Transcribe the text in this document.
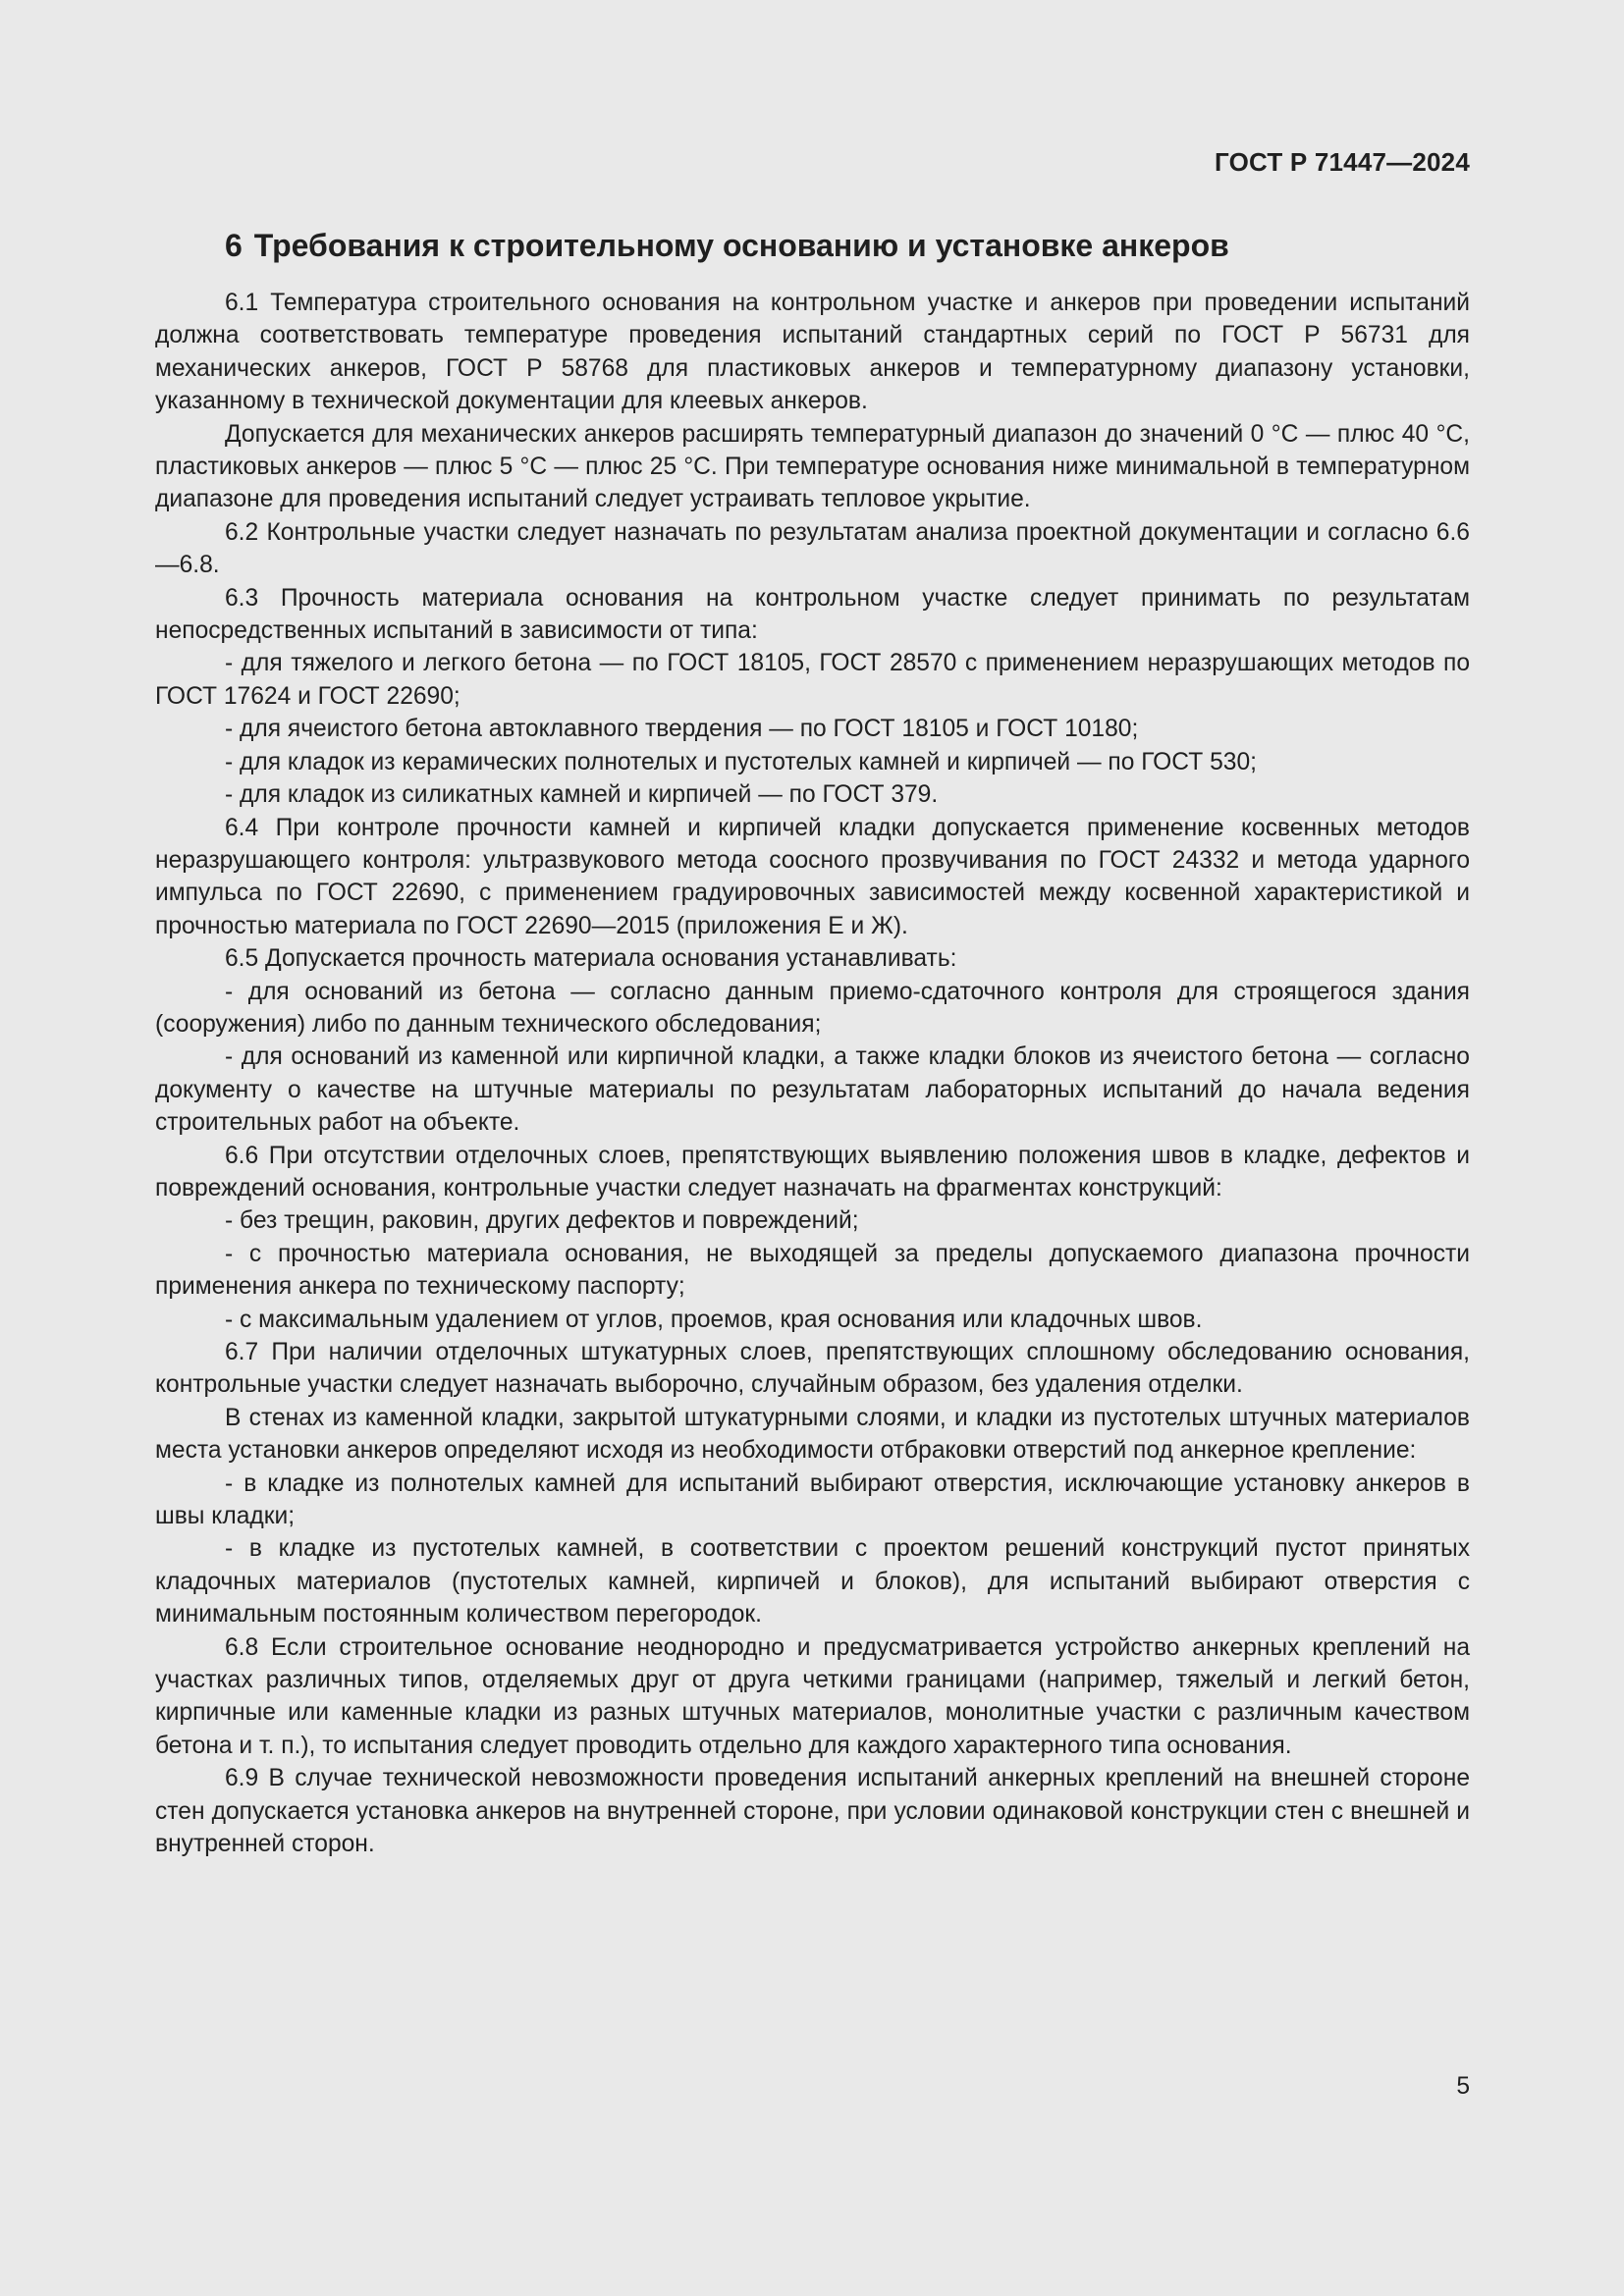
ГОСТ Р 71447—2024
6 Требования к строительному основанию и установке анкеров

6.1 Температура строительного основания на контрольном участке и анкеров при проведении испытаний должна соответствовать температуре проведения испытаний стандартных серий по ГОСТ Р 56731 для механических анкеров, ГОСТ Р 58768 для пластиковых анкеров и температурному диапазону установки, указанному в технической документации для клеевых анкеров.

Допускается для механических анкеров расширять температурный диапазон до значений 0 °С — плюс 40 °С, пластиковых анкеров — плюс 5 °С — плюс 25 °С. При температуре основания ниже минимальной в температурном диапазоне для проведения испытаний следует устраивать тепловое укрытие.

6.2 Контрольные участки следует назначать по результатам анализа проектной документации и согласно 6.6—6.8.

6.3 Прочность материала основания на контрольном участке следует принимать по результатам непосредственных испытаний в зависимости от типа:

- для тяжелого и легкого бетона — по ГОСТ 18105, ГОСТ 28570 с применением неразрушающих методов по ГОСТ 17624 и ГОСТ 22690;

- для ячеистого бетона автоклавного твердения — по ГОСТ 18105 и ГОСТ 10180;

- для кладок из керамических полнотелых и пустотелых камней и кирпичей — по ГОСТ 530;

- для кладок из силикатных камней и кирпичей — по ГОСТ 379.

6.4 При контроле прочности камней и кирпичей кладки допускается применение косвенных методов неразрушающего контроля: ультразвукового метода соосного прозвучивания по ГОСТ 24332 и метода ударного импульса по ГОСТ 22690, с применением градуировочных зависимостей между косвенной характеристикой и прочностью материала по ГОСТ 22690—2015 (приложения Е и Ж).

6.5 Допускается прочность материала основания устанавливать:

- для оснований из бетона — согласно данным приемо-сдаточного контроля для строящегося здания (сооружения) либо по данным технического обследования;

- для оснований из каменной или кирпичной кладки, а также кладки блоков из ячеистого бетона — согласно документу о качестве на штучные материалы по результатам лабораторных испытаний до начала ведения строительных работ на объекте.

6.6 При отсутствии отделочных слоев, препятствующих выявлению положения швов в кладке, дефектов и повреждений основания, контрольные участки следует назначать на фрагментах конструкций:

- без трещин, раковин, других дефектов и повреждений;

- с прочностью материала основания, не выходящей за пределы допускаемого диапазона прочности применения анкера по техническому паспорту;

- с максимальным удалением от углов, проемов, края основания или кладочных швов.

6.7 При наличии отделочных штукатурных слоев, препятствующих сплошному обследованию основания, контрольные участки следует назначать выборочно, случайным образом, без удаления отделки.

В стенах из каменной кладки, закрытой штукатурными слоями, и кладки из пустотелых штучных материалов места установки анкеров определяют исходя из необходимости отбраковки отверстий под анкерное крепление:

- в кладке из полнотелых камней для испытаний выбирают отверстия, исключающие установку анкеров в швы кладки;

- в кладке из пустотелых камней, в соответствии с проектом решений конструкций пустот принятых кладочных материалов (пустотелых камней, кирпичей и блоков), для испытаний выбирают отверстия с минимальным постоянным количеством перегородок.

6.8 Если строительное основание неоднородно и предусматривается устройство анкерных креплений на участках различных типов, отделяемых друг от друга четкими границами (например, тяжелый и легкий бетон, кирпичные или каменные кладки из разных штучных материалов, монолитные участки с различным качеством бетона и т. п.), то испытания следует проводить отдельно для каждого характерного типа основания.

6.9 В случае технической невозможности проведения испытаний анкерных креплений на внешней стороне стен допускается установка анкеров на внутренней стороне, при условии одинаковой конструкции стен с внешней и внутренней сторон.

5
